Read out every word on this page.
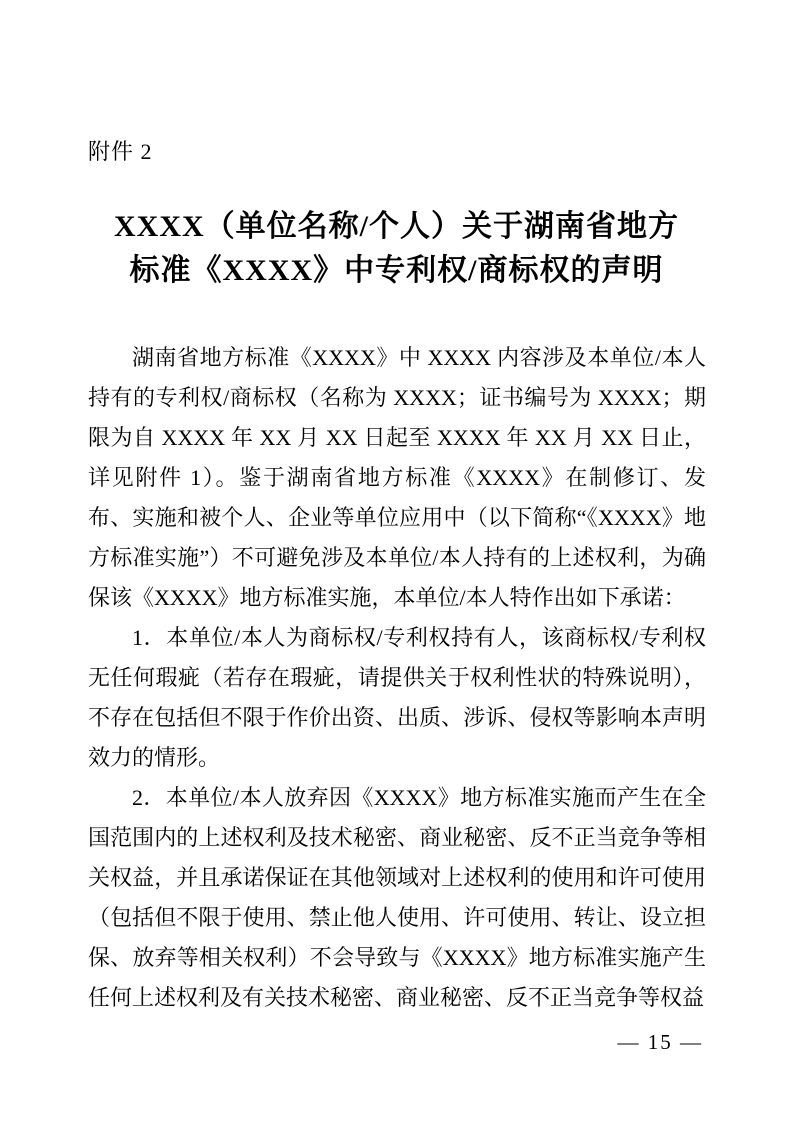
附件 2
XXXX（单位名称/个人）关于湖南省地方
标准《XXXX》中专利权/商标权的声明

湖南省地方标准《XXXX》中 XXXX 内容涉及本单位/本人持有的专利权/商标权（名称为 XXXX；证书编号为 XXXX；期限为自 XXXX 年 XX 月 XX 日起至 XXXX 年 XX 月 XX 日止，详见附件 1）。鉴于湖南省地方标准《XXXX》在制修订、发布、实施和被个人、企业等单位应用中（以下简称“《XXXX》地方标准实施”）不可避免涉及本单位/本人持有的上述权利，为确保该《XXXX》地方标准实施，本单位/本人特作出如下承诺：

1．本单位/本人为商标权/专利权持有人，该商标权/专利权无任何瑕疵（若存在瑕疵，请提供关于权利性状的特殊说明），不存在包括但不限于作价出资、出质、涉诉、侵权等影响本声明效力的情形。

2．本单位/本人放弃因《XXXX》地方标准实施而产生在全国范围内的上述权利及技术秘密、商业秘密、反不正当竞争等相关权益，并且承诺保证在其他领域对上述权利的使用和许可使用（包括但不限于使用、禁止他人使用、许可使用、转让、设立担保、放弃等相关权利）不会导致与《XXXX》地方标准实施产生任何上述权利及有关技术秘密、商业秘密、反不正当竞争等权益

— 15 —
